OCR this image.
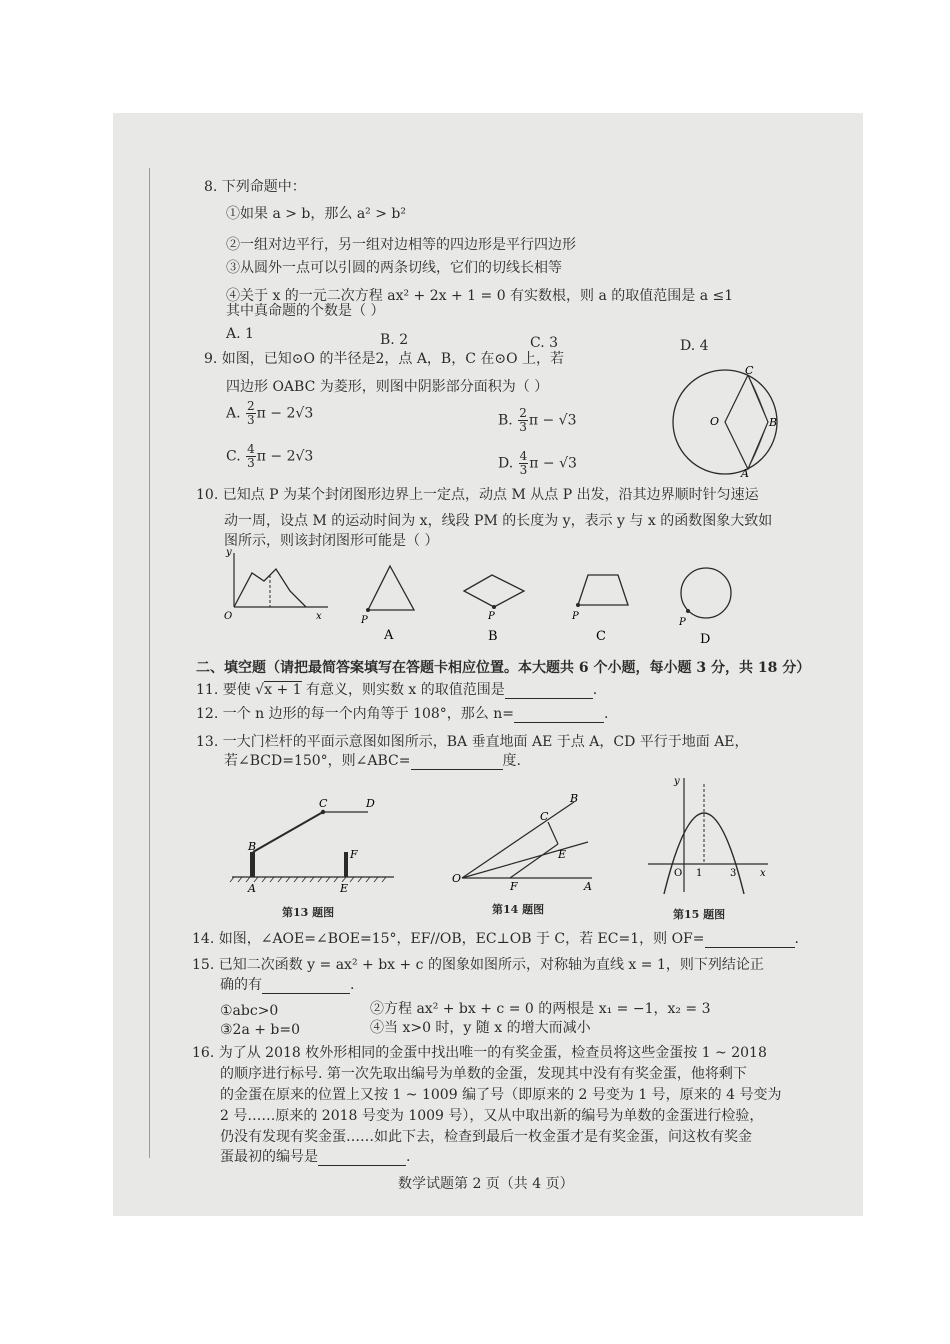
8. 下列命题中：
①如果 a > b，那么 a² > b²
②一组对边平行，另一组对边相等的四边形是平行四边形
③从圆外一点可以引圆的两条切线，它们的切线长相等
④关于 x 的一元二次方程 ax² + 2x + 1 = 0 有实数根，则 a 的取值范围是 a ≤1
其中真命题的个数是（ ）
A. 1	B. 2	C. 3	D. 4
9. 如图，已知⊙O 的半径是2，点 A，B，C 在⊙O 上，若
四边形 OABC 为菱形，则图中阴影部分面积为（ ）
A. $\frac{2}{3}$ π − 2√3	B. $\frac{2}{3}$ π − √3
C. $\frac{4}{3}$ π − 2√3	D. $\frac{4}{3}$ π − √3
O
C
B
A
10. 已知点 P 为某个封闭图形边界上一定点，动点 M 从点 P 出发，沿其边界顺时针匀速运
动一周，设点 M 的运动时间为 x，线段 PM 的长度为 y，表示 y 与 x 的函数图象大致如
图所示，则该封闭图形可能是（ ）
y
x
O	P
A
P
B
P
C
P
D
二、填空题（请把最简答案填写在答题卡相应位置。本大题共 6 个小题，每小题 3 分，共 18 分）
11. 要使 √x + 1 有意义，则实数 x 的取值范围是	.
12. 一个 n 边形的每一个内角等于 108°，那么 n=	.
13. 一大门栏杆的平面示意图如图所示，BA 垂直地面 AE 于点 A，CD 平行于地面 AE，
若∠BCD=150°，则∠ABC=	度.
B
C	D
F
A	E
第13 题图
O
B
C
E
F	A
第14 题图
y
x
O 1	3
第15 题图
14. 如图，∠AOE=∠BOE=15°，EF//OB，EC⊥OB 于 C，若 EC=1，则 OF=	.
15. 已知二次函数 y = ax² + bx + c 的图象如图所示，对称轴为直线 x = 1，则下列结论正
确的有	.
①abc>0	②方程 ax² + bx + c = 0 的两根是 x₁ = −1，x₂ = 3
③2a + b=0	④当 x>0 时，y 随 x 的增大而减小
16. 为了从 2018 枚外形相同的金蛋中找出唯一的有奖金蛋，检查员将这些金蛋按 1 ~ 2018
的顺序进行标号. 第一次先取出编号为单数的金蛋，发现其中没有有奖金蛋，他将剩下
的金蛋在原来的位置上又按 1 ~ 1009 编了号（即原来的 2 号变为 1 号，原来的 4 号变为
2 号……原来的 2018 号变为 1009 号），又从中取出新的编号为单数的金蛋进行检验，
仍没有发现有奖金蛋……如此下去，检查到最后一枚金蛋才是有奖金蛋，问这枚有奖金
蛋最初的编号是	.
数学试题第 2 页（共 4 页）
